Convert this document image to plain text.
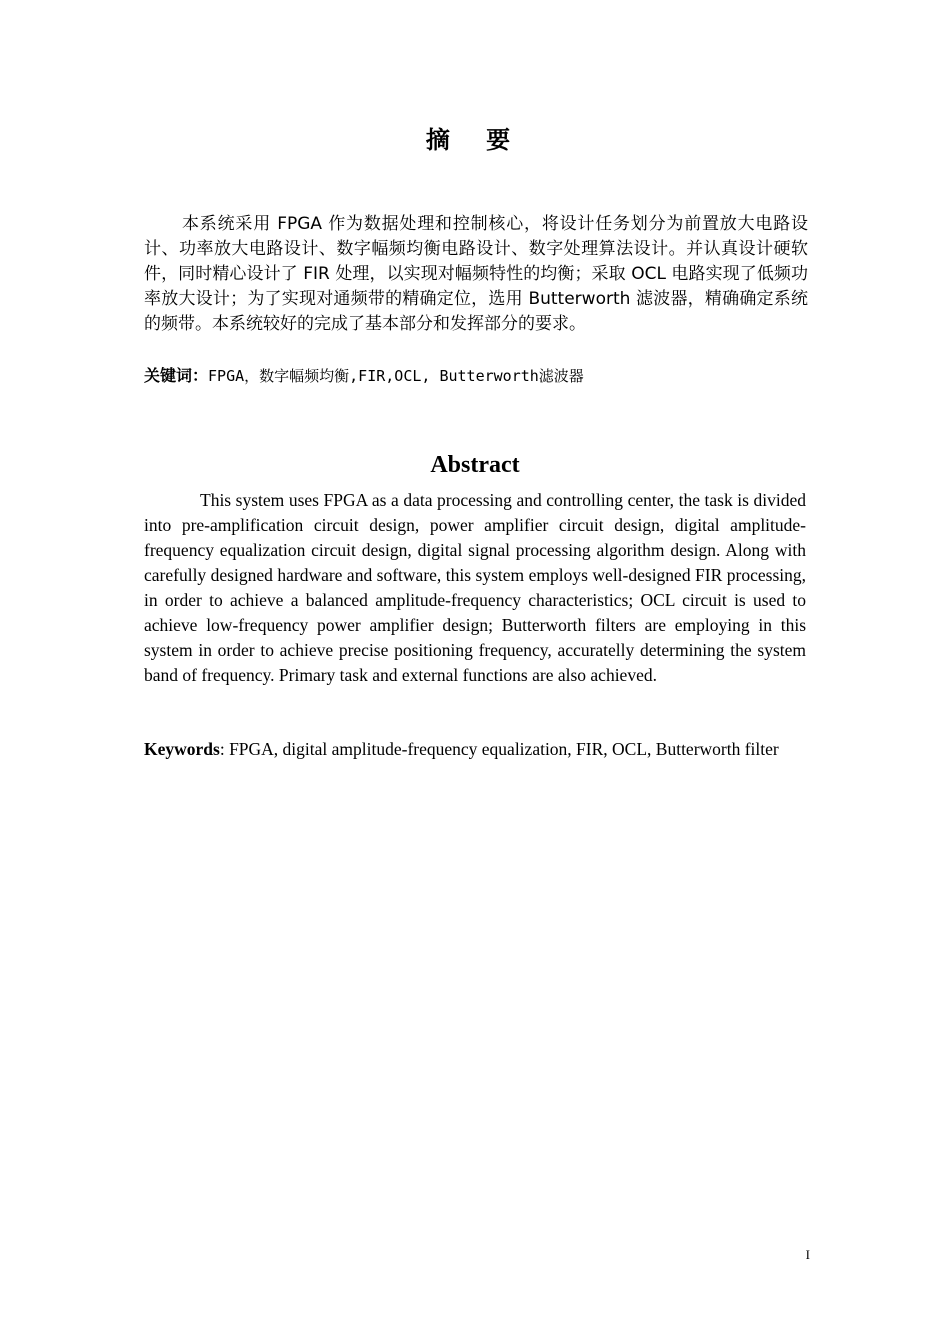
摘 要

本系统采用 FPGA 作为数据处理和控制核心，将设计任务划分为前置放大电路设计、功率放大电路设计、数字幅频均衡电路设计、数字处理算法设计。并认真设计硬软件，同时精心设计了 FIR 处理，以实现对幅频特性的均衡；采取 OCL 电路实现了低频功率放大设计；为了实现对通频带的精确定位，选用 Butterworth 滤波器，精确确定系统的频带。本系统较好的完成了基本部分和发挥部分的要求。

关键词：FPGA，数字幅频均衡,FIR,OCL, Butterworth滤波器

Abstract

This system uses FPGA as a data processing and controlling center, the task is divided into pre-amplification circuit design, power amplifier circuit design, digital amplitude-frequency equalization circuit design, digital signal processing algorithm design. Along with carefully designed hardware and software, this system employs well-designed FIR processing, in order to achieve a balanced amplitude-frequency characteristics; OCL circuit is used to achieve low-frequency power amplifier design; Butterworth filters are employing in this system in order to achieve precise positioning frequency, accuratelly determining the system band of frequency. Primary task and external functions are also achieved.

Keywords: FPGA, digital amplitude-frequency equalization, FIR, OCL, Butterworth filter

I
